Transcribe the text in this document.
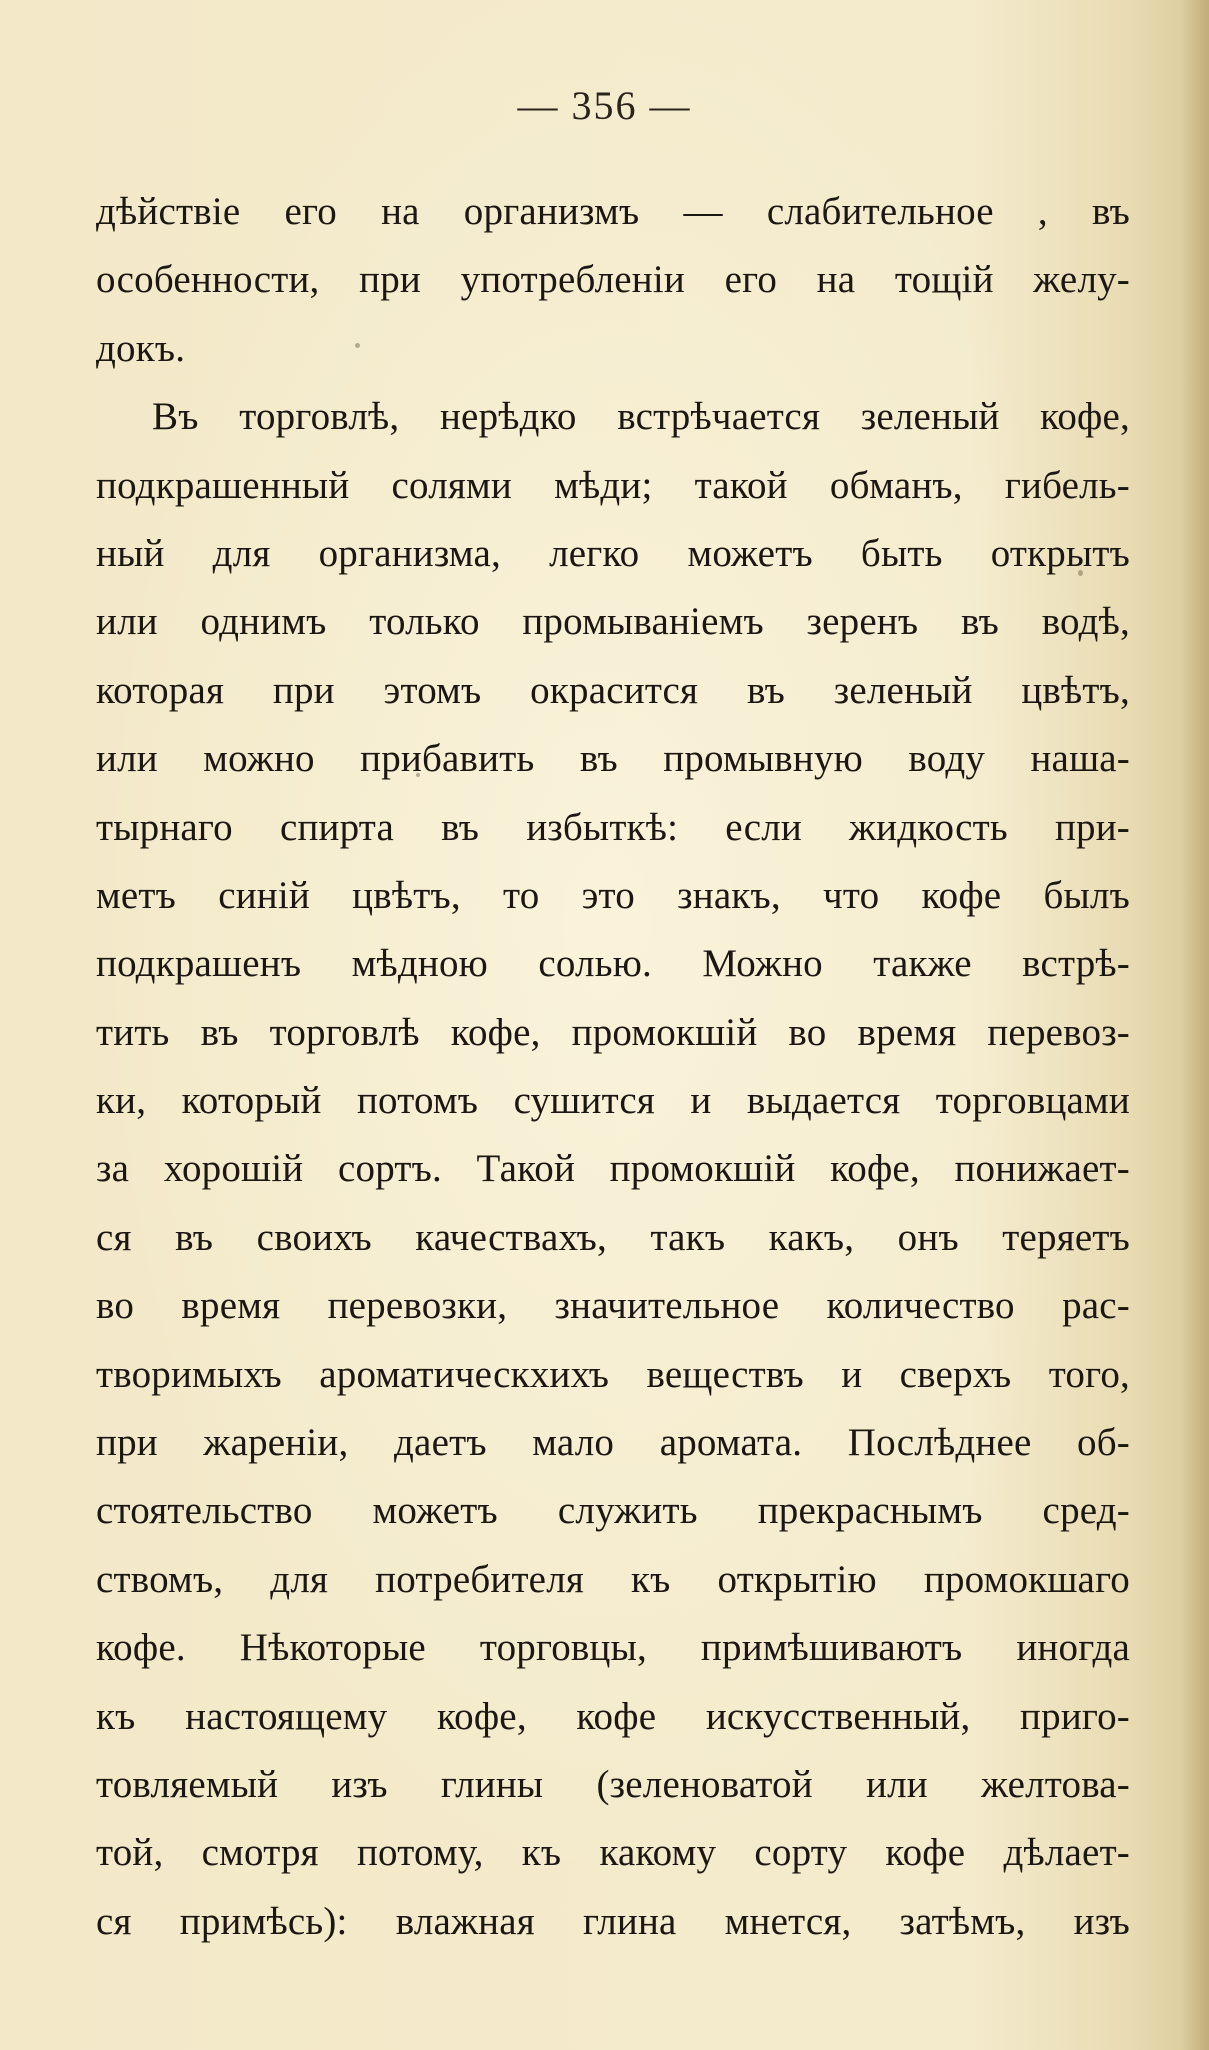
— 356 —
дѣйствіе его на организмъ — слабительное , въ
особенности, при употребленіи его на тощій желу-
докъ.
Въ торговлѣ, нерѣдко встрѣчается зеленый кофе,
подкрашенный солями мѣди; такой обманъ, гибель-
ный для организма, легко можетъ быть открытъ
или однимъ только промываніемъ зеренъ въ водѣ,
которая при этомъ окрасится въ зеленый цвѣтъ,
или можно прибавить въ промывную воду наша-
тырнаго спирта въ избыткѣ: если жидкость при-
метъ синій цвѣтъ, то это знакъ, что кофе былъ
подкрашенъ мѣдною солью. Можно также встрѣ-
тить въ торговлѣ кофе, промокшій во время перевоз-
ки, который потомъ сушится и выдается торговцами
за хорошій сортъ. Такой промокшій кофе, понижает-
ся въ своихъ качествахъ, такъ какъ, онъ теряетъ
во время перевозки, значительное количество рас-
творимыхъ ароматическхихъ веществъ и сверхъ того,
при жареніи, даетъ мало аромата. Послѣднее об-
стоятельство можетъ служить прекраснымъ сред-
ствомъ, для потребителя къ открытію промокшаго
кофе. Нѣкоторые торговцы, примѣшиваютъ иногда
къ настоящему кофе, кофе искусственный, приго-
товляемый изъ глины (зеленоватой или желтова-
той, смотря потому, къ какому сорту кофе дѣлает-
ся примѣсь): влажная глина мнется, затѣмъ, изъ
